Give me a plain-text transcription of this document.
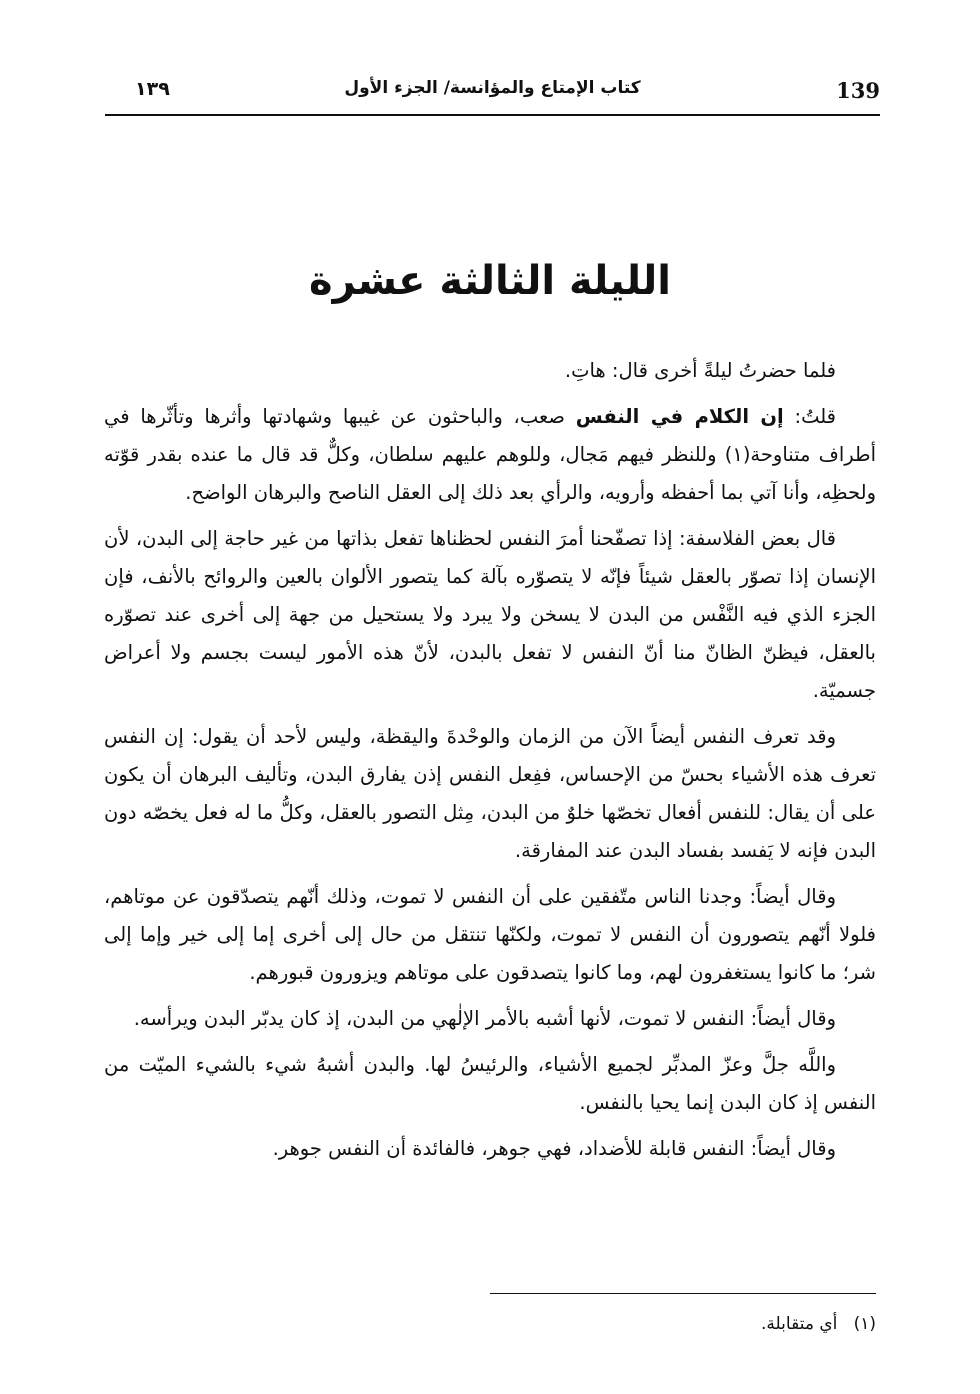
139
كتاب الإمتاع والمؤانسة/ الجزء الأول
١٣٩
الليلة الثالثة عشرة

فلما حضرتُ ليلةً أخرى قال: هاتِ.

قلتُ: إن الكلام في النفس صعب، والباحثون عن غيبها وشهادتها وأثرها وتأثّرها في أطراف متناوحة(١) وللنظر فيهم مَجال، وللوهم عليهم سلطان، وكلٌّ قد قال ما عنده بقدر قوّته ولحظِه، وأنا آتي بما أحفظه وأرويه، والرأي بعد ذلك إلى العقل الناصح والبرهان الواضح.

قال بعض الفلاسفة: إذا تصفّحنا أمرَ النفس لحظناها تفعل بذاتها من غير حاجة إلى البدن، لأن الإنسان إذا تصوّر بالعقل شيئاً فإنّه لا يتصوّره بآلة كما يتصور الألوان بالعين والروائح بالأنف، فإن الجزء الذي فيه النَّفْس من البدن لا يسخن ولا يبرد ولا يستحيل من جهة إلى أخرى عند تصوّره بالعقل، فيظنّ الظانّ منا أنّ النفس لا تفعل بالبدن، لأنّ هذه الأمور ليست بجسم ولا أعراض جسميّة.

وقد تعرف النفس أيضاً الآن من الزمان والوحْدةَ واليقظة، وليس لأحد أن يقول: إن النفس تعرف هذه الأشياء بحسّ من الإحساس، ففِعل النفس إذن يفارق البدن، وتأليف البرهان أن يكون على أن يقال: للنفس أفعال تخصّها خلوٌ من البدن، مِثل التصور بالعقل، وكلُّ ما له فعل يخصّه دون البدن فإنه لا يَفسد بفساد البدن عند المفارقة.

وقال أيضاً: وجدنا الناس متّفقين على أن النفس لا تموت، وذلك أنّهم يتصدّقون عن موتاهم، فلولا أنّهم يتصورون أن النفس لا تموت، ولكنّها تنتقل من حال إلى أخرى إما إلى خير وإما إلى شر؛ ما كانوا يستغفرون لهم، وما كانوا يتصدقون على موتاهم ويزورون قبورهم.

وقال أيضاً: النفس لا تموت، لأنها أشبه بالأمر الإلٰهي من البدن، إذ كان يدبّر البدن ويرأسه.

واللَّه جلَّ وعزّ المدبِّر لجميع الأشياء، والرئيسُ لها. والبدن أشبهُ شيء بالشيء الميّت من النفس إذ كان البدن إنما يحيا بالنفس.

وقال أيضاً: النفس قابلة للأضداد، فهي جوهر، فالفائدة أن النفس جوهر.

(١)   أي متقابلة.
